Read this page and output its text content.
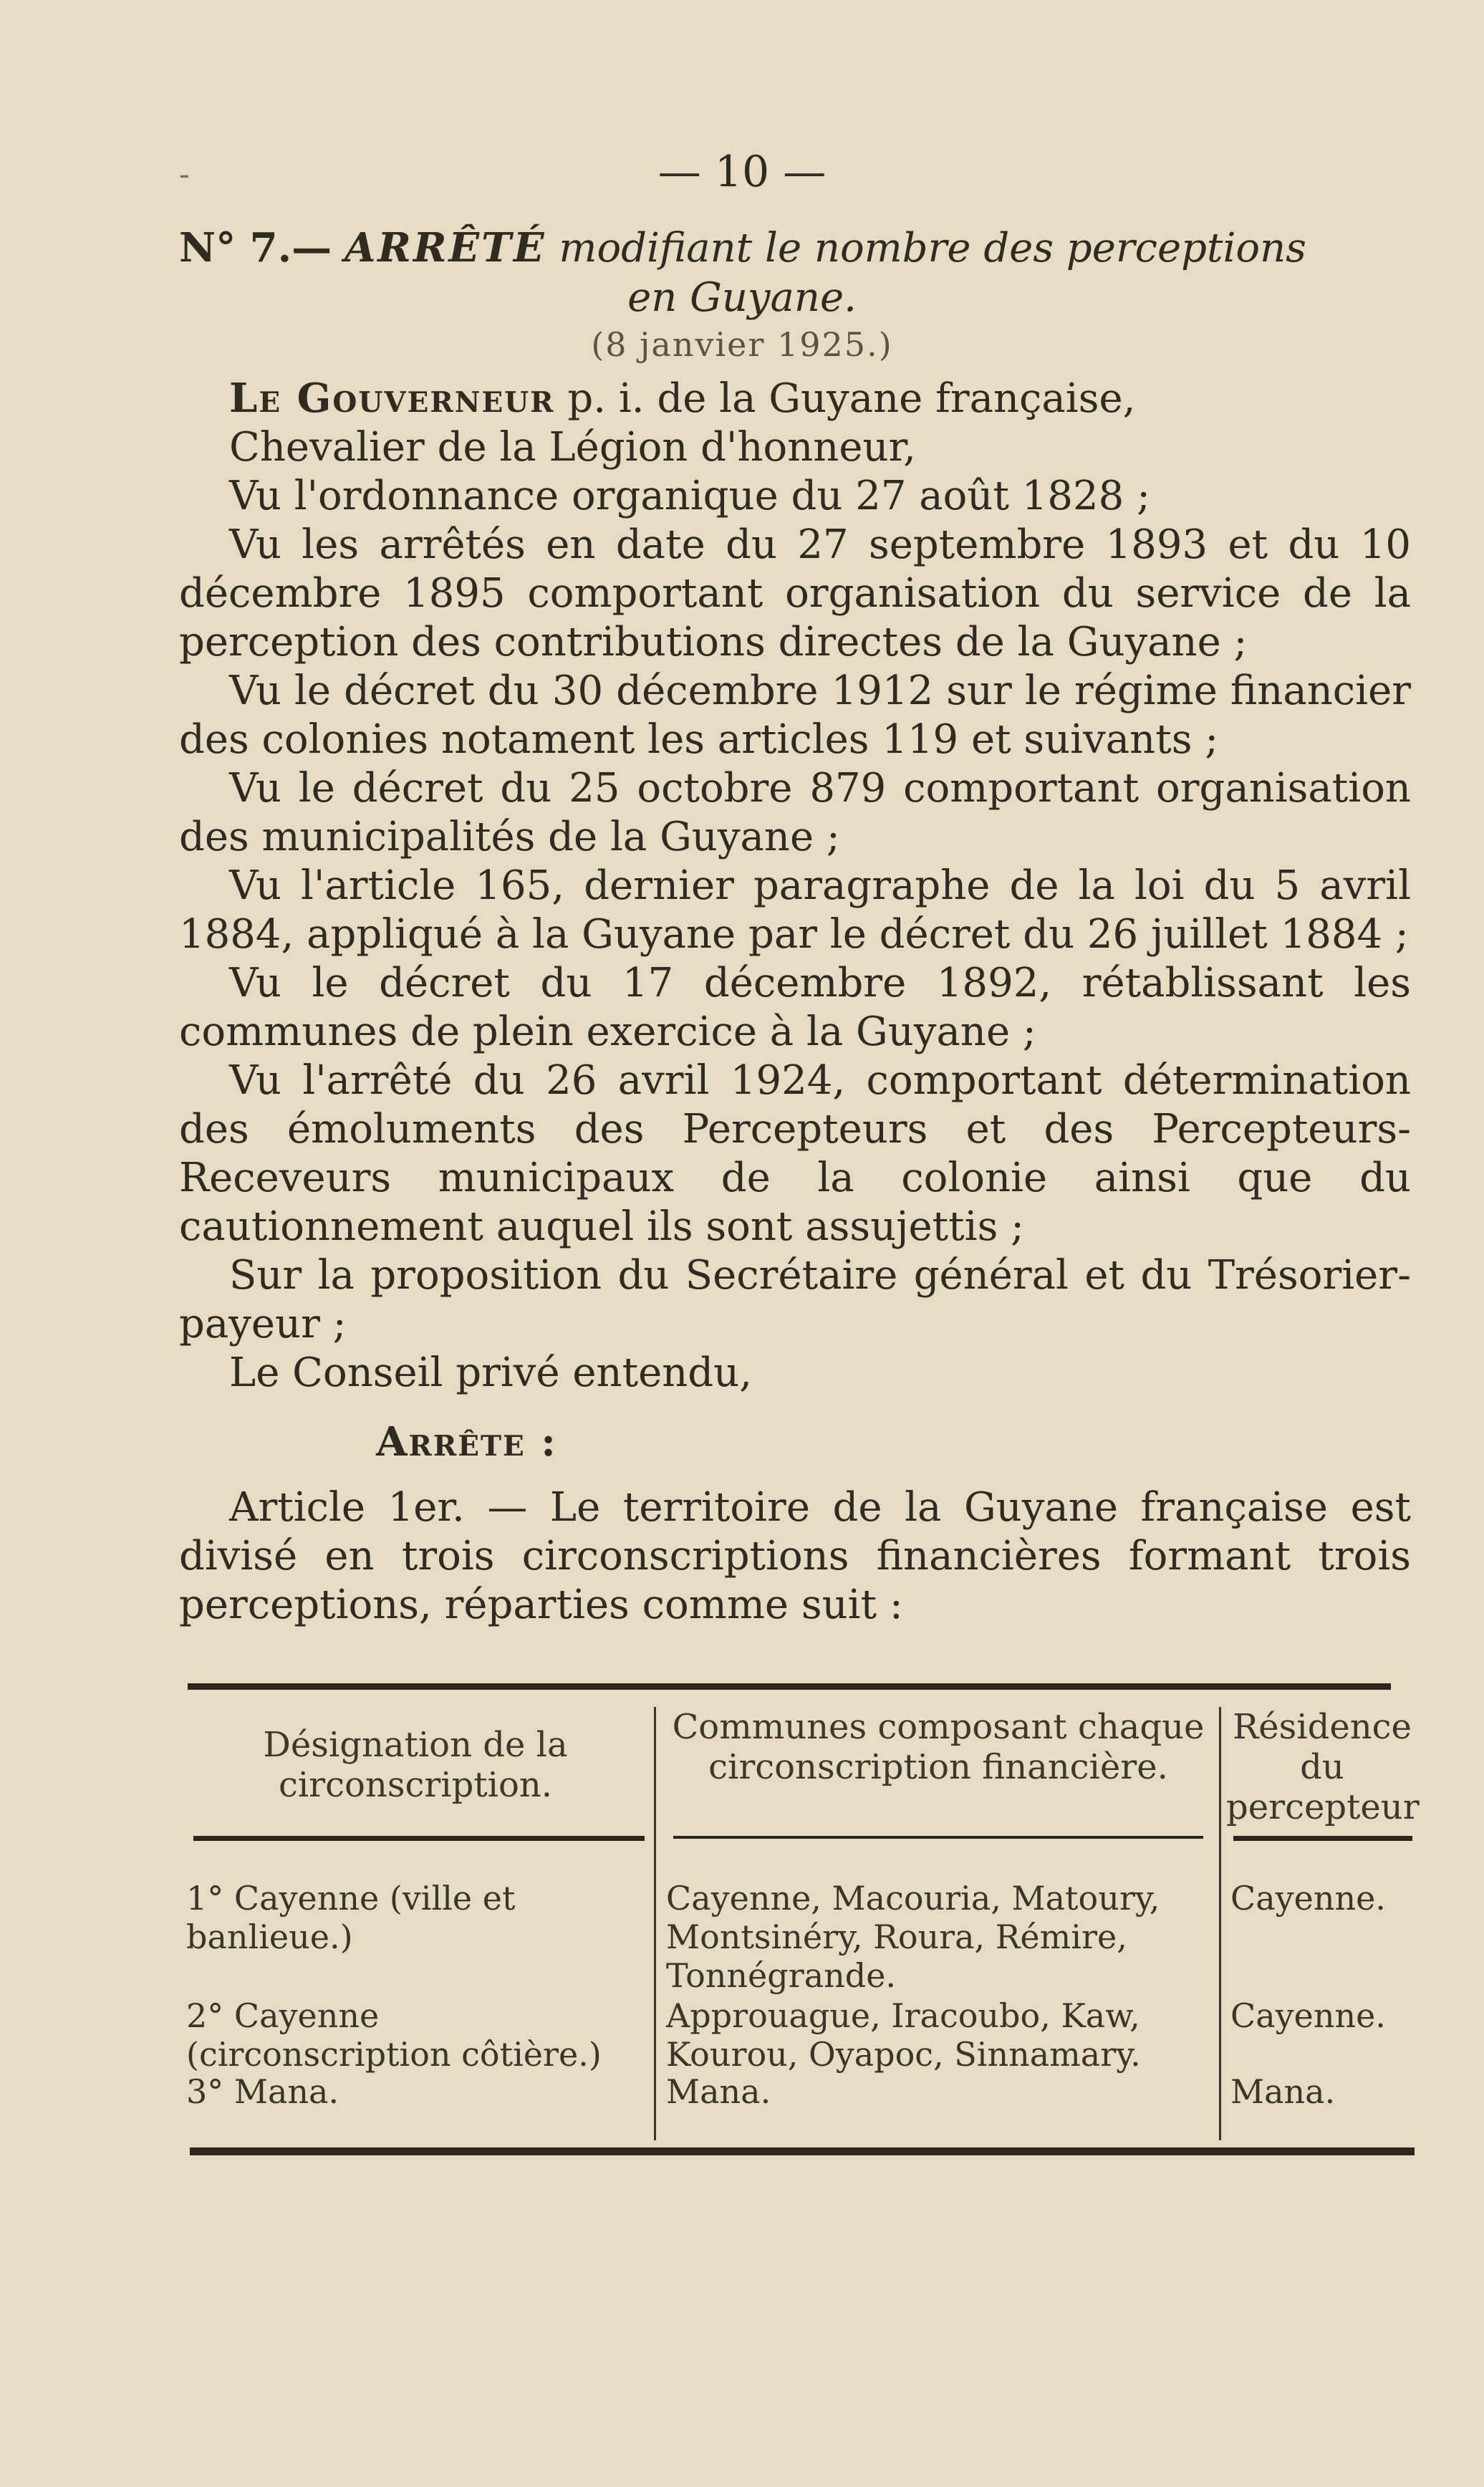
— 10 —
-
N° 7.— ARRÊTÉ modifiant le nombre des perceptions
en Guyane.
(8 janvier 1925.)

Le Gouverneur p. i. de la Guyane française,

Chevalier de la Légion d'honneur,

Vu l'ordonnance organique du 27 août 1828 ;

Vu les arrêtés en date du 27 septembre 1893 et du 10 décembre 1895 comportant organisation du service de la perception des contributions directes de la Guyane ;

Vu le décret du 30 décembre 1912 sur le régime financier des colonies notament les articles 119 et suivants ;

Vu le décret du 25 octobre 879 comportant organisation des municipalités de la Guyane ;

Vu l'article 165, dernier paragraphe de la loi du 5 avril 1884, appliqué à la Guyane par le décret du 26 juillet 1884 ;

Vu le décret du 17 décembre 1892, rétablissant les communes de plein exercice à la Guyane ;

Vu l'arrêté du 26 avril 1924, comportant détermination des émoluments des Percepteurs et des Percepteurs-Receveurs municipaux de la colonie ainsi que du cautionnement auquel ils sont assujettis ;

Sur la proposition du Secrétaire général et du Trésorier-payeur ;

Le Conseil privé entendu,

Arrête :

Article 1er. — Le territoire de la Guyane française est divisé en trois circonscriptions financières formant trois perceptions, réparties comme suit :

Désignation de la circonscription.
Communes composant chaque circonscription financière.
Résidence du percepteur
1° Cayenne (ville et banlieue.)
Cayenne, Macouria, Matoury, Montsinéry, Roura, Rémire, Tonnégrande.
Cayenne.
2° Cayenne (circonscription côtière.)
Approuague, Iracoubo, Kaw, Kourou, Oyapoc, Sinnamary.
Cayenne.
3° Mana.	Mana.	Mana.
